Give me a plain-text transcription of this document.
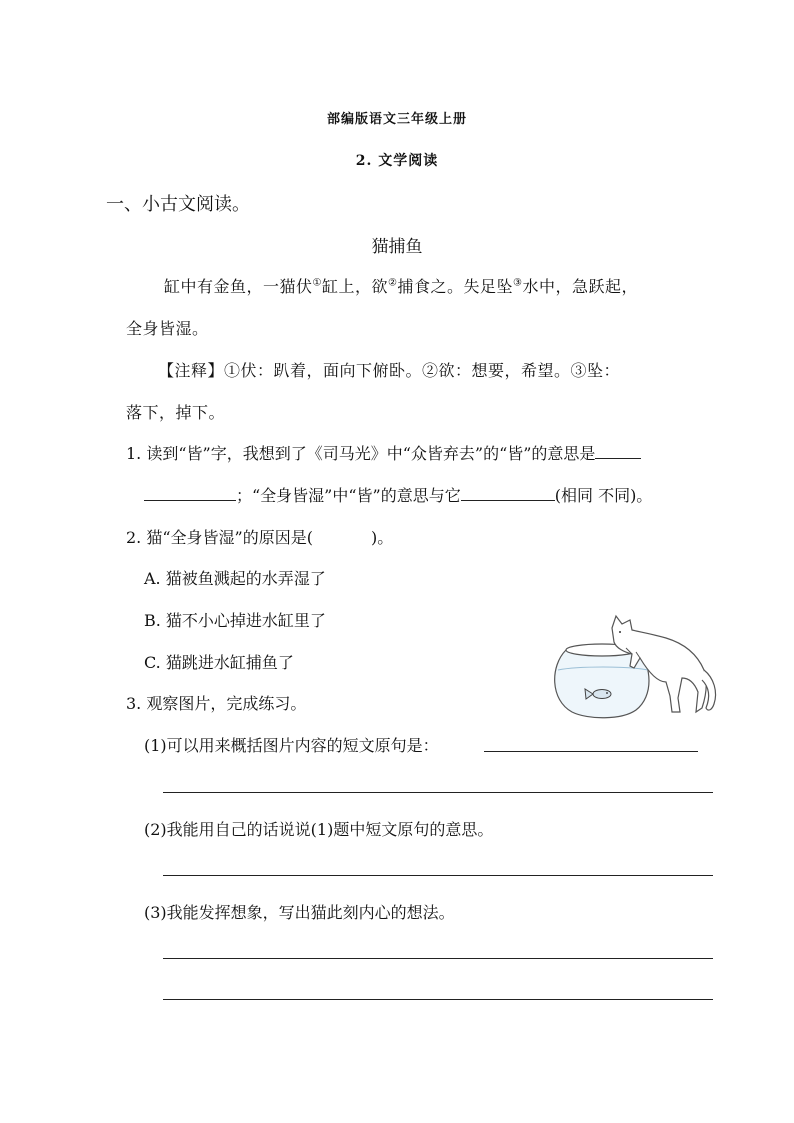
部编版语文三年级上册
2. 文学阅读
一、小古文阅读。
猫捕鱼
缸中有金鱼，一猫伏①缸上，欲②捕食之。失足坠③水中，急跃起，
全身皆湿。
【注释】①伏：趴着，面向下俯卧。②欲：想要，希望。③坠：
落下，掉下。
1. 读到“皆”字，我想到了《司马光》中“众皆弃去”的“皆”的意思是
；“全身皆湿”中“皆”的意思与它	(相同 不同)。
2. 猫“全身皆湿”的原因是(	)。
A. 猫被鱼溅起的水弄湿了
B. 猫不小心掉进水缸里了
C. 猫跳进水缸捕鱼了
3. 观察图片，完成练习。
(1)可以用来概括图片内容的短文原句是：
(2)我能用自己的话说说(1)题中短文原句的意思。
(3)我能发挥想象，写出猫此刻内心的想法。
